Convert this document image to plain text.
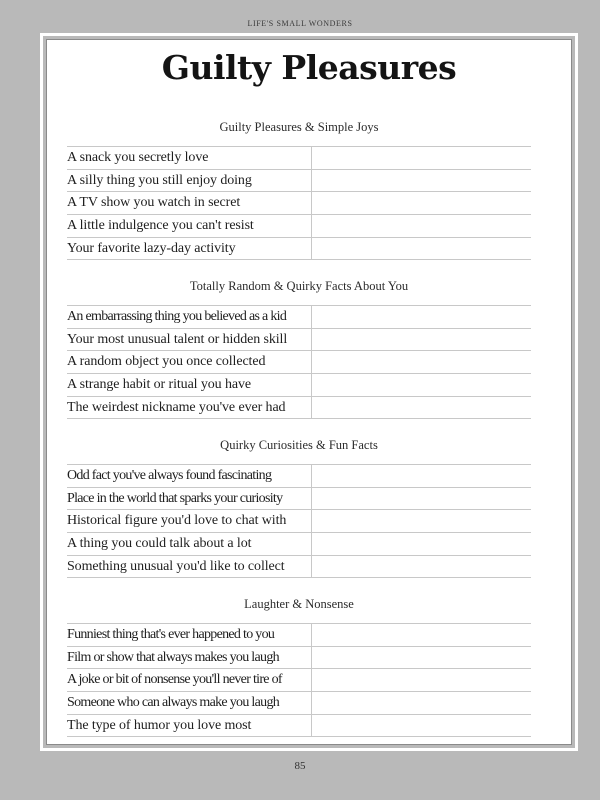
LIFE'S SMALL WONDERS
Guilty Pleasures
Guilty Pleasures & Simple Joys
A snack you secretly love
A silly thing you still enjoy doing
A TV show you watch in secret
A little indulgence you can't resist
Your favorite lazy-day activity
Totally Random & Quirky Facts About You
An embarrassing thing you believed as a kid
Your most unusual talent or hidden skill
A random object you once collected
A strange habit or ritual you have
The weirdest nickname you've ever had
Quirky Curiosities & Fun Facts
Odd fact you've always found fascinating
Place in the world that sparks your curiosity
Historical figure you'd love to chat with
A thing you could talk about a lot
Something unusual you'd like to collect
Laughter & Nonsense
Funniest thing that's ever happened to you
Film or show that always makes you laugh
A joke or bit of nonsense you'll never tire of
Someone who can always make you laugh
The type of humor you love most
85
